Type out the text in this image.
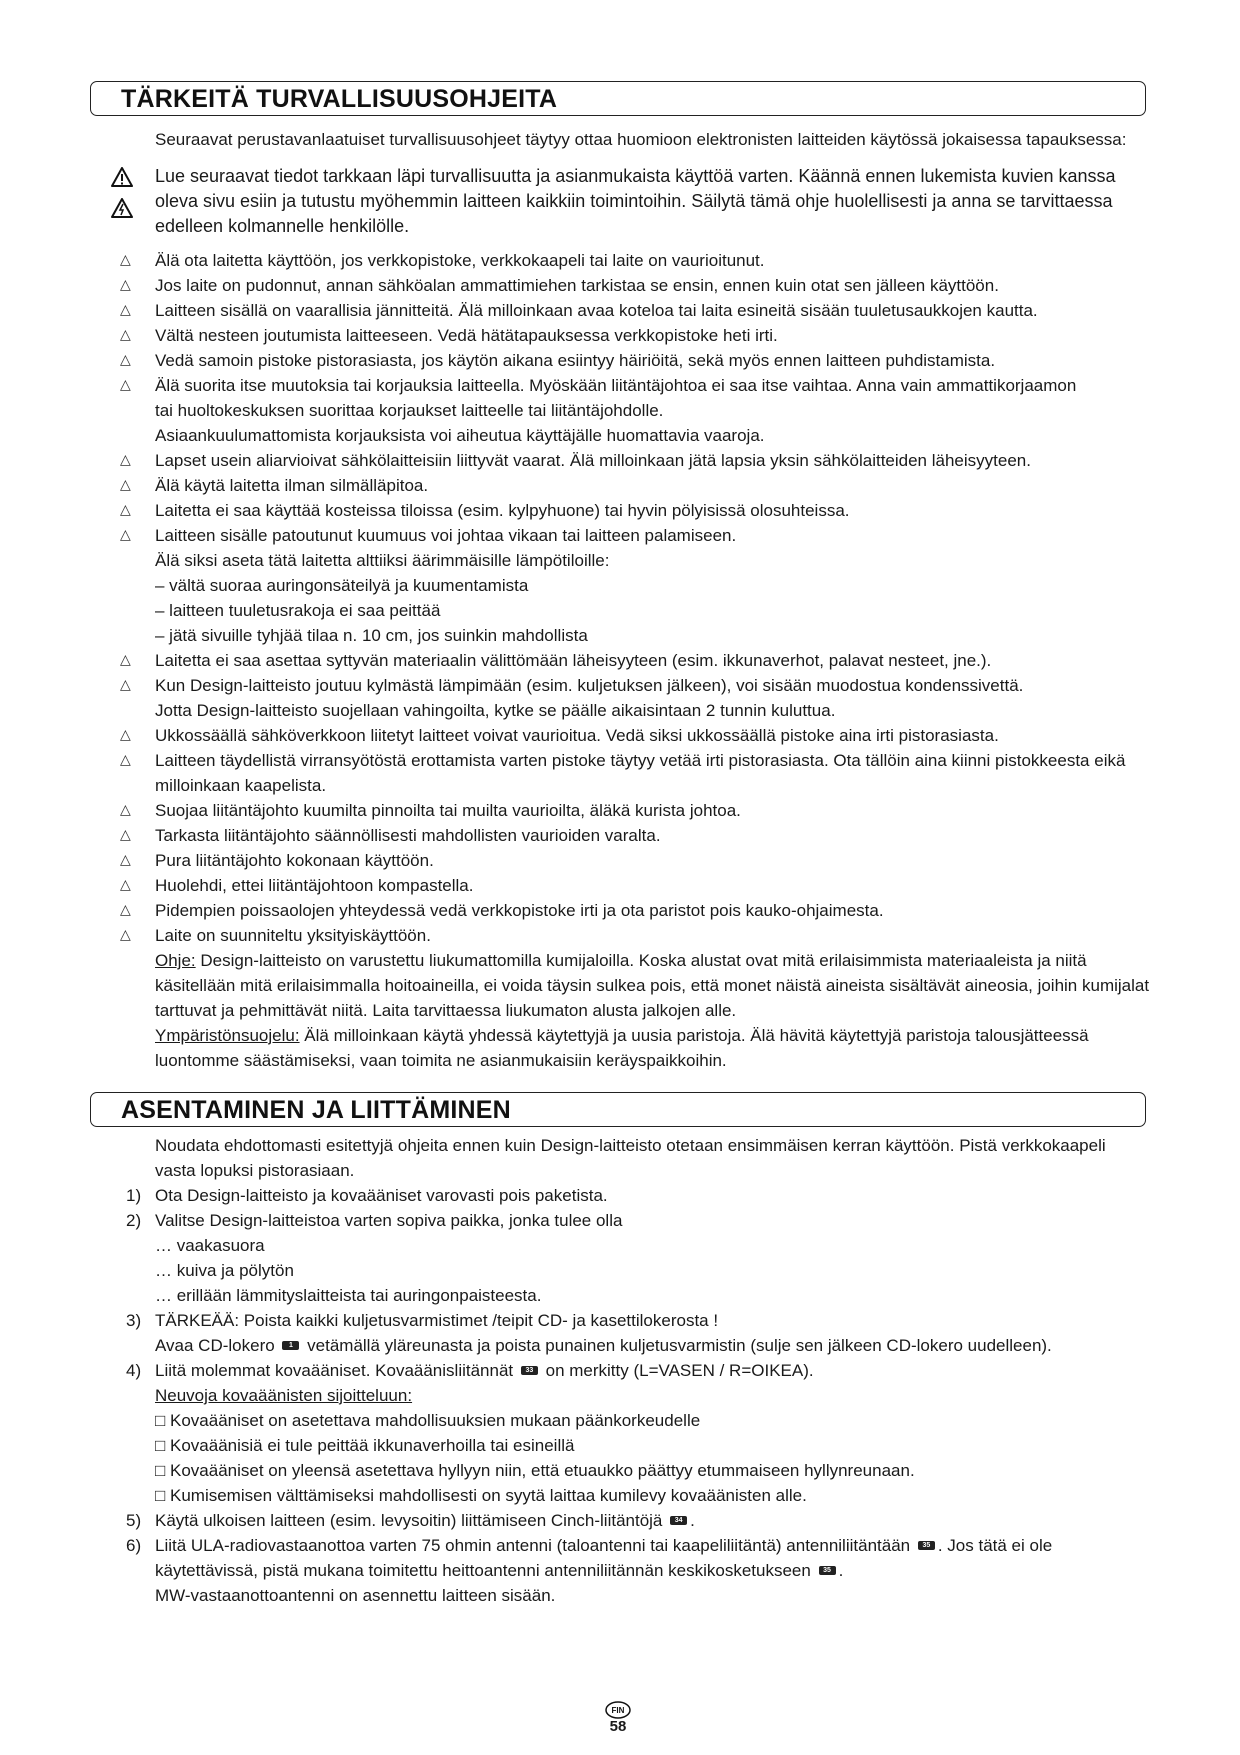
TÄRKEITÄ TURVALLISUUSOHJEITA
Seuraavat perustavanlaatuiset turvallisuusohjeet täytyy ottaa huomioon elektronisten laitteiden käytössä jokaisessa tapauksessa:
Lue seuraavat tiedot tarkkaan läpi turvallisuutta ja asianmukaista käyttöä varten. Käännä ennen lukemista kuvien kanssa
oleva sivu esiin ja tutustu myöhemmin laitteen kaikkiin toimintoihin. Säilytä tämä ohje huolellisesti ja anna se tarvittaessa
edelleen kolmannelle henkilölle.
△ Älä ota laitetta käyttöön, jos verkkopistoke, verkkokaapeli tai laite on vaurioitunut.
△ Jos laite on pudonnut, annan sähköalan ammattimiehen tarkistaa se ensin, ennen kuin otat sen jälleen käyttöön.
△ Laitteen sisällä on vaarallisia jännitteitä. Älä milloinkaan avaa koteloa tai laita esineitä sisään tuuletusaukkojen kautta.
△ Vältä nesteen joutumista laitteeseen. Vedä hätätapauksessa verkkopistoke heti irti.
△ Vedä samoin pistoke pistorasiasta, jos käytön aikana esiintyy häiriöitä, sekä myös ennen laitteen puhdistamista.
△ Älä suorita itse muutoksia tai korjauksia laitteella. Myöskään liitäntäjohtoa ei saa itse vaihtaa. Anna vain ammattikorjaamon
tai huoltokeskuksen suorittaa korjaukset laitteelle tai liitäntäjohdolle.
Asiaankuulumattomista korjauksista voi aiheutua käyttäjälle huomattavia vaaroja.
△ Lapset usein aliarvioivat sähkölaitteisiin liittyvät vaarat. Älä milloinkaan jätä lapsia yksin sähkölaitteiden läheisyyteen.
△ Älä käytä laitetta ilman silmälläpitoa.
△ Laitetta ei saa käyttää kosteissa tiloissa (esim. kylpyhuone) tai hyvin pölyisissä olosuhteissa.
△ Laitteen sisälle patoutunut kuumuus voi johtaa vikaan tai laitteen palamiseen.
Älä siksi aseta tätä laitetta alttiiksi äärimmäisille lämpötiloille:
– vältä suoraa auringonsäteilyä ja kuumentamista
– laitteen tuuletusrakoja ei saa peittää
– jätä sivuille tyhjää tilaa n. 10 cm, jos suinkin mahdollista
△ Laitetta ei saa asettaa syttyvän materiaalin välittömään läheisyyteen (esim. ikkunaverhot, palavat nesteet, jne.).
△ Kun Design-laitteisto joutuu kylmästä lämpimään (esim. kuljetuksen jälkeen), voi sisään muodostua kondenssivettä.
Jotta Design-laitteisto suojellaan vahingoilta, kytke se päälle aikaisintaan 2 tunnin kuluttua.
△ Ukkossäällä sähköverkkoon liitetyt laitteet voivat vaurioitua. Vedä siksi ukkossäällä pistoke aina irti pistorasiasta.
△ Laitteen täydellistä virransyötöstä erottamista varten pistoke täytyy vetää irti pistorasiasta. Ota tällöin aina kiinni pistokkeesta eikä
milloinkaan kaapelista.
△ Suojaa liitäntäjohto kuumilta pinnoilta tai muilta vaurioilta, äläkä kurista johtoa.
△ Tarkasta liitäntäjohto säännöllisesti mahdollisten vaurioiden varalta.
△ Pura liitäntäjohto kokonaan käyttöön.
△ Huolehdi, ettei liitäntäjohtoon kompastella.
△ Pidempien poissaolojen yhteydessä vedä verkkopistoke irti ja ota paristot pois kauko-ohjaimesta.
△ Laite on suunniteltu yksityiskäyttöön.
Ohje: Design-laitteisto on varustettu liukumattomilla kumijaloilla. Koska alustat ovat mitä erilaisimmista materiaaleista ja niitä
käsitellään mitä erilaisimmalla hoitoaineilla, ei voida täysin sulkea pois, että monet näistä aineista sisältävät aineosia, joihin kumijalat
tarttuvat ja pehmittävät niitä. Laita tarvittaessa liukumaton alusta jalkojen alle.
Ympäristönsuojelu: Älä milloinkaan käytä yhdessä käytettyjä ja uusia paristoja. Älä hävitä käytettyjä paristoja talousjätteessä
luontomme säästämiseksi, vaan toimita ne asianmukaisiin keräyspaikkoihin.
ASENTAMINEN JA LIITTÄMINEN
Noudata ehdottomasti esitettyjä ohjeita ennen kuin Design-laitteisto otetaan ensimmäisen kerran käyttöön. Pistä verkkokaapeli
vasta lopuksi pistorasiaan.
1) Ota Design-laitteisto ja kovaääniset varovasti pois paketista.
2) Valitse Design-laitteistoa varten sopiva paikka, jonka tulee olla
… vaakasuora
… kuiva ja pölytön
… erillään lämmityslaitteista tai auringonpaisteesta.
3) TÄRKEÄÄ: Poista kaikki kuljetusvarmistimet /teipit CD- ja kasettilokerosta !
Avaa CD-lokero	1 vetämällä yläreunasta ja poista punainen kuljetusvarmistin (sulje sen jälkeen CD-lokero uudelleen).
4) Liitä molemmat kovaääniset. Kovaäänisliitännät	33 on merkitty (L=VASEN / R=OIKEA).
Neuvoja kovaäänisten sijoitteluun:
□ Kovaääniset on asetettava mahdollisuuksien mukaan päänkorkeudelle
□ Kovaäänisiä ei tule peittää ikkunaverhoilla tai esineillä
□ Kovaääniset on yleensä asetettava hyllyyn niin, että etuaukko päättyy etummaiseen hyllynreunaan.
□ Kumisemisen välttämiseksi mahdollisesti on syytä laittaa kumilevy kovaäänisten alle.
5) Käytä ulkoisen laitteen (esim. levysoitin) liittämiseen Cinch-liitäntöjä	34 .
6) Liitä ULA-radiovastaanottoa varten 75 ohmin antenni (taloantenni tai kaapeliliitäntä) antenniliitäntään	35 . Jos tätä ei ole
käytettävissä, pistä mukana toimitettu heittoantenni antenniliitännän keskikosketukseen	35 .
MW-vastaanottoantenni on asennettu laitteen sisään.
FIN
58
